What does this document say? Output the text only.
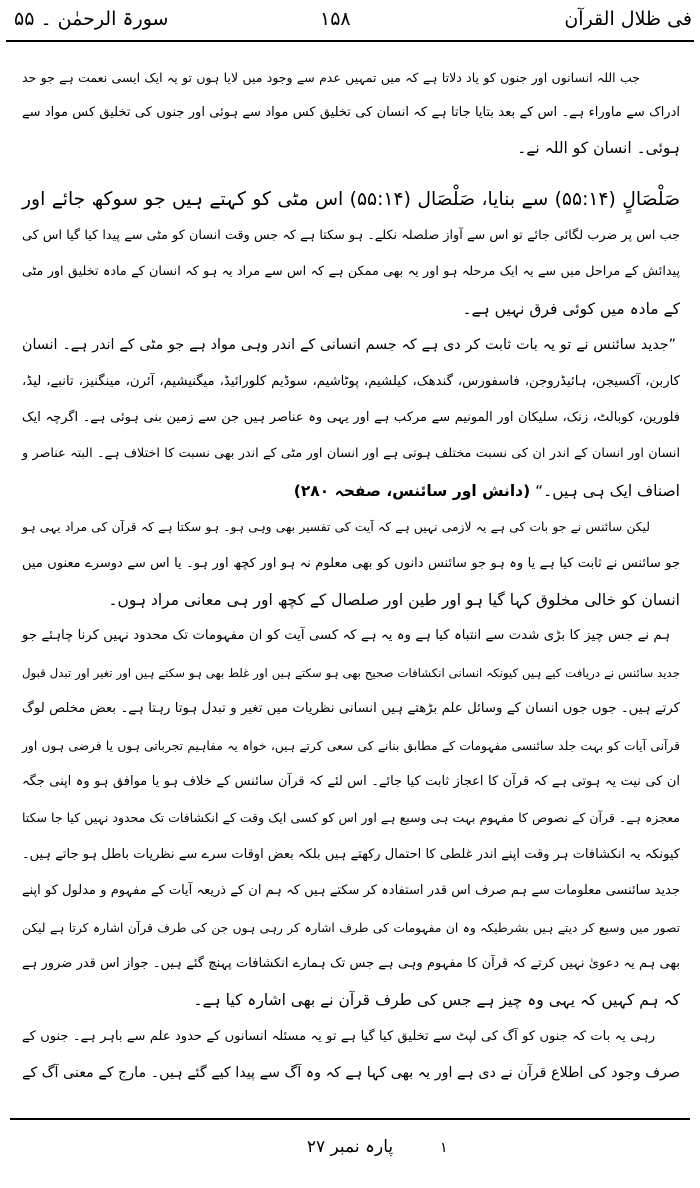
فی ظلال القرآن
۱۵۸
سورۃ الرحمٰن ۔ ۵۵
جب اللہ انسانوں اور جنوں کو یاد دلاتا ہے کہ میں تمہیں عدم سے وجود میں لایا ہوں تو یہ ایک ایسی نعمت ہے جو حد
ادراک سے ماوراء ہے۔ اس کے بعد بتایا جاتا ہے کہ انسان کی تخلیق کس مواد سے ہوئی اور جنوں کی تخلیق کس مواد سے
ہوئی۔ انسان کو اللہ نے۔
صَلْصَالٍ (۵۵:۱۴) سے بنایا، صَلْصَال (۵۵:۱۴) اس مٹی کو کہتے ہیں جو سوکھ جائے اور
جب اس پر ضرب لگائی جائے تو اس سے آواز صلصلہ نکلے۔ ہو سکتا ہے کہ جس وقت انسان کو مٹی سے پیدا کیا گیا اس کی
پیدائش کے مراحل میں سے یہ ایک مرحلہ ہو اور یہ بھی ممکن ہے کہ اس سے مراد یہ ہو کہ انسان کے مادہ تخلیق اور مٹی
کے مادہ میں کوئی فرق نہیں ہے۔
”جدید سائنس نے تو یہ بات ثابت کر دی ہے کہ جسم انسانی کے اندر وہی مواد ہے جو مٹی کے اندر ہے۔ انسان
کاربن، آکسیجن، ہائیڈروجن، فاسفورس، گندھک، کیلشیم، پوٹاشیم، سوڈیم کلورائیڈ، میگنیشیم، آئرن، مینگنیز، تانبے، لیڈ،
فلورین، کوبالٹ، زنک، سلیکان اور المونیم سے مرکب ہے اور یہی وہ عناصر ہیں جن سے زمین بنی ہوئی ہے۔ اگرچہ ایک
انسان اور انسان کے اندر ان کی نسبت مختلف ہوتی ہے اور انسان اور مٹی کے اندر بھی نسبت کا اختلاف ہے۔ البتہ عناصر و
اصناف ایک ہی ہیں۔“ (دانش اور سائنس، صفحہ ۲۸۰)
لیکن سائنس نے جو بات کی ہے یہ لازمی نہیں ہے کہ آیت کی تفسیر بھی وہی ہو۔ ہو سکتا ہے کہ قرآن کی مراد یہی ہو
جو سائنس نے ثابت کیا ہے یا وہ ہو جو سائنس دانوں کو بھی معلوم نہ ہو اور کچھ اور ہو۔ یا اس سے دوسرے معنوں میں
انسان کو خالی مخلوق کہا گیا ہو اور طین اور صلصال کے کچھ اور ہی معانی مراد ہوں۔
ہم نے جس چیز کا بڑی شدت سے انتباہ کیا ہے وہ یہ ہے کہ کسی آیت کو ان مفہومات تک محدود نہیں کرنا چاہئے جو
جدید سائنس نے دریافت کیے ہیں کیونکہ انسانی انکشافات صحیح بھی ہو سکتے ہیں اور غلط بھی ہو سکتے ہیں اور تغیر اور تبدل قبول
کرتے ہیں۔ جوں جوں انسان کے وسائل علم بڑھتے ہیں انسانی نظریات میں تغیر و تبدل ہوتا رہتا ہے۔ بعض مخلص لوگ
قرآنی آیات کو بہت جلد سائنسی مفہومات کے مطابق بنانے کی سعی کرتے ہیں، خواہ یہ مفاہیم تجرباتی ہوں یا فرضی ہوں اور
ان کی نیت یہ ہوتی ہے کہ قرآن کا اعجاز ثابت کیا جائے۔ اس لئے کہ قرآن سائنس کے خلاف ہو یا موافق ہو وہ اپنی جگہ
معجزہ ہے۔ قرآن کے نصوص کا مفہوم بہت ہی وسیع ہے اور اس کو کسی ایک وقت کے انکشافات تک محدود نہیں کیا جا سکتا
کیونکہ یہ انکشافات ہر وقت اپنے اندر غلطی کا احتمال رکھتے ہیں بلکہ بعض اوقات سرے سے نظریات باطل ہو جاتے ہیں۔
جدید سائنسی معلومات سے ہم صرف اس قدر استفادہ کر سکتے ہیں کہ ہم ان کے ذریعہ آیات کے مفہوم و مدلول کو اپنے
تصور میں وسیع کر دیتے ہیں بشرطیکہ وہ ان مفہومات کی طرف اشارہ کر رہی ہوں جن کی طرف قرآن اشارہ کرتا ہے لیکن
بھی ہم یہ دعویٰ نہیں کرتے کہ قرآن کا مفہوم وہی ہے جس تک ہمارے انکشافات پہنچ گئے ہیں۔ جواز اس قدر ضرور ہے
کہ ہم کہیں کہ یہی وہ چیز ہے جس کی طرف قرآن نے بھی اشارہ کیا ہے۔
رہی یہ بات کہ جنوں کو آگ کی لپٹ سے تخلیق کیا گیا ہے تو یہ مسئلہ انسانوں کے حدود علم سے باہر ہے۔ جنوں کے
صرف وجود کی اطلاع قرآن نے دی ہے اور یہ بھی کہا ہے کہ وہ آگ سے پیدا کیے گئے ہیں۔ مارج کے معنی آگ کے
پارہ نمبر ۲۷	۱
